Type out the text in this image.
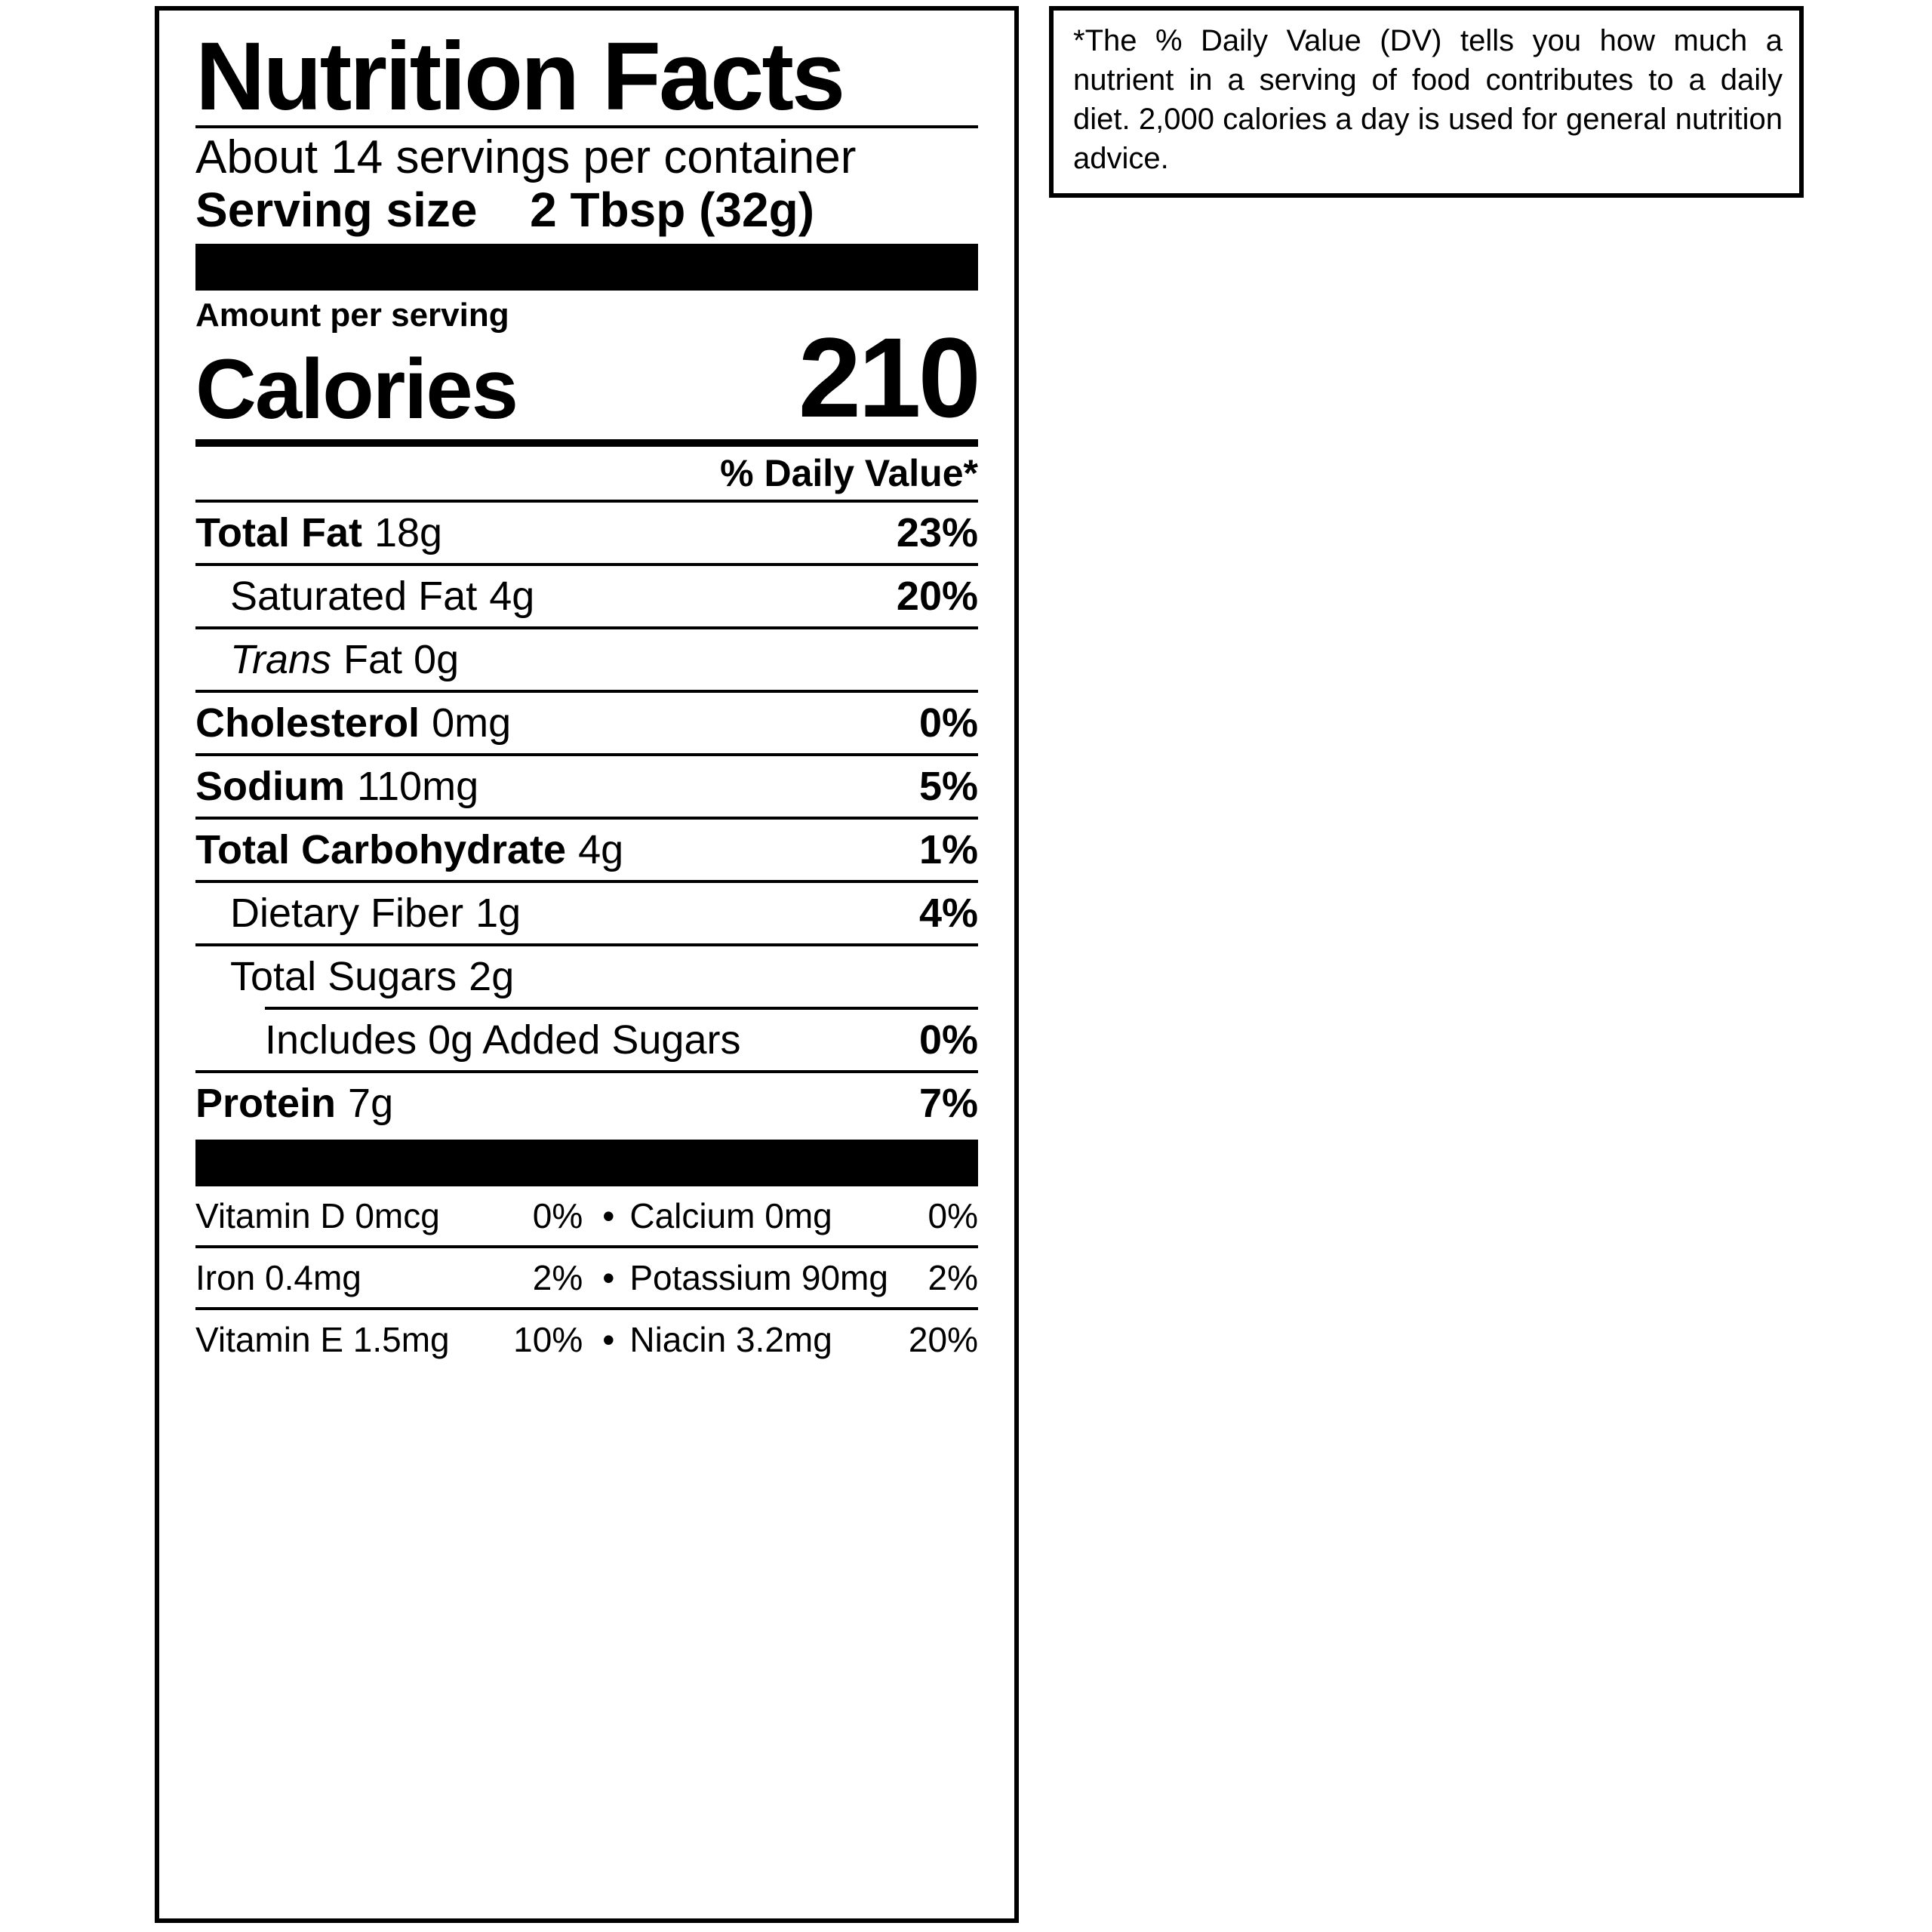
Nutrition Facts
About 14 servings per container
Serving size 2 Tbsp (32g)
Amount per serving
Calories 210
% Daily Value*
Total Fat 18g	23%
Saturated Fat 4g	20%
Trans Fat 0g
Cholesterol 0mg	0%
Sodium 110mg	5%
Total Carbohydrate 4g	1%
Dietary Fiber 1g	4%
Total Sugars 2g
Includes 0g Added Sugars	0%
Protein 7g	7%
Vitamin D 0mcg	0% • Calcium 0mg	0%
Iron 0.4mg	2% • Potassium 90mg 2%
Vitamin E 1.5mg 10% • Niacin 3.2mg 20%
*The % Daily Value (DV) tells you how much a nutrient in a serving of food contributes to a daily diet. 2,000 calories a day is used for general nutrition advice.
